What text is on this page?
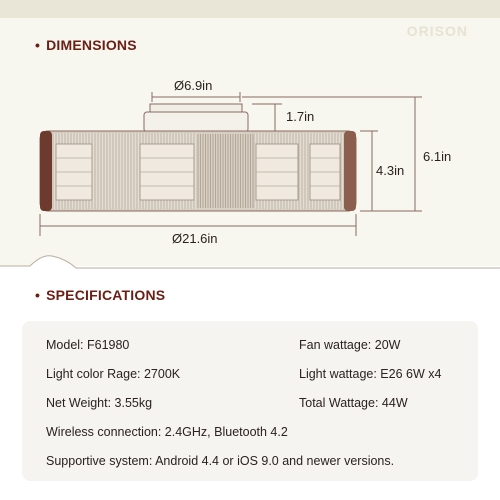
ORISON
• DIMENSIONS
Ø6.9in
1.7in
4.3in
6.1in
Ø21.6in
• SPECIFICATIONS
Model: F61980	Fan wattage: 20W
Light color Rage: 2700K	Light wattage: E26 6W x4
Net Weight: 3.55kg	Total Wattage: 44W
Wireless connection: 2.4GHz, Bluetooth 4.2
Supportive system: Android 4.4 or iOS 9.0 and newer versions.
